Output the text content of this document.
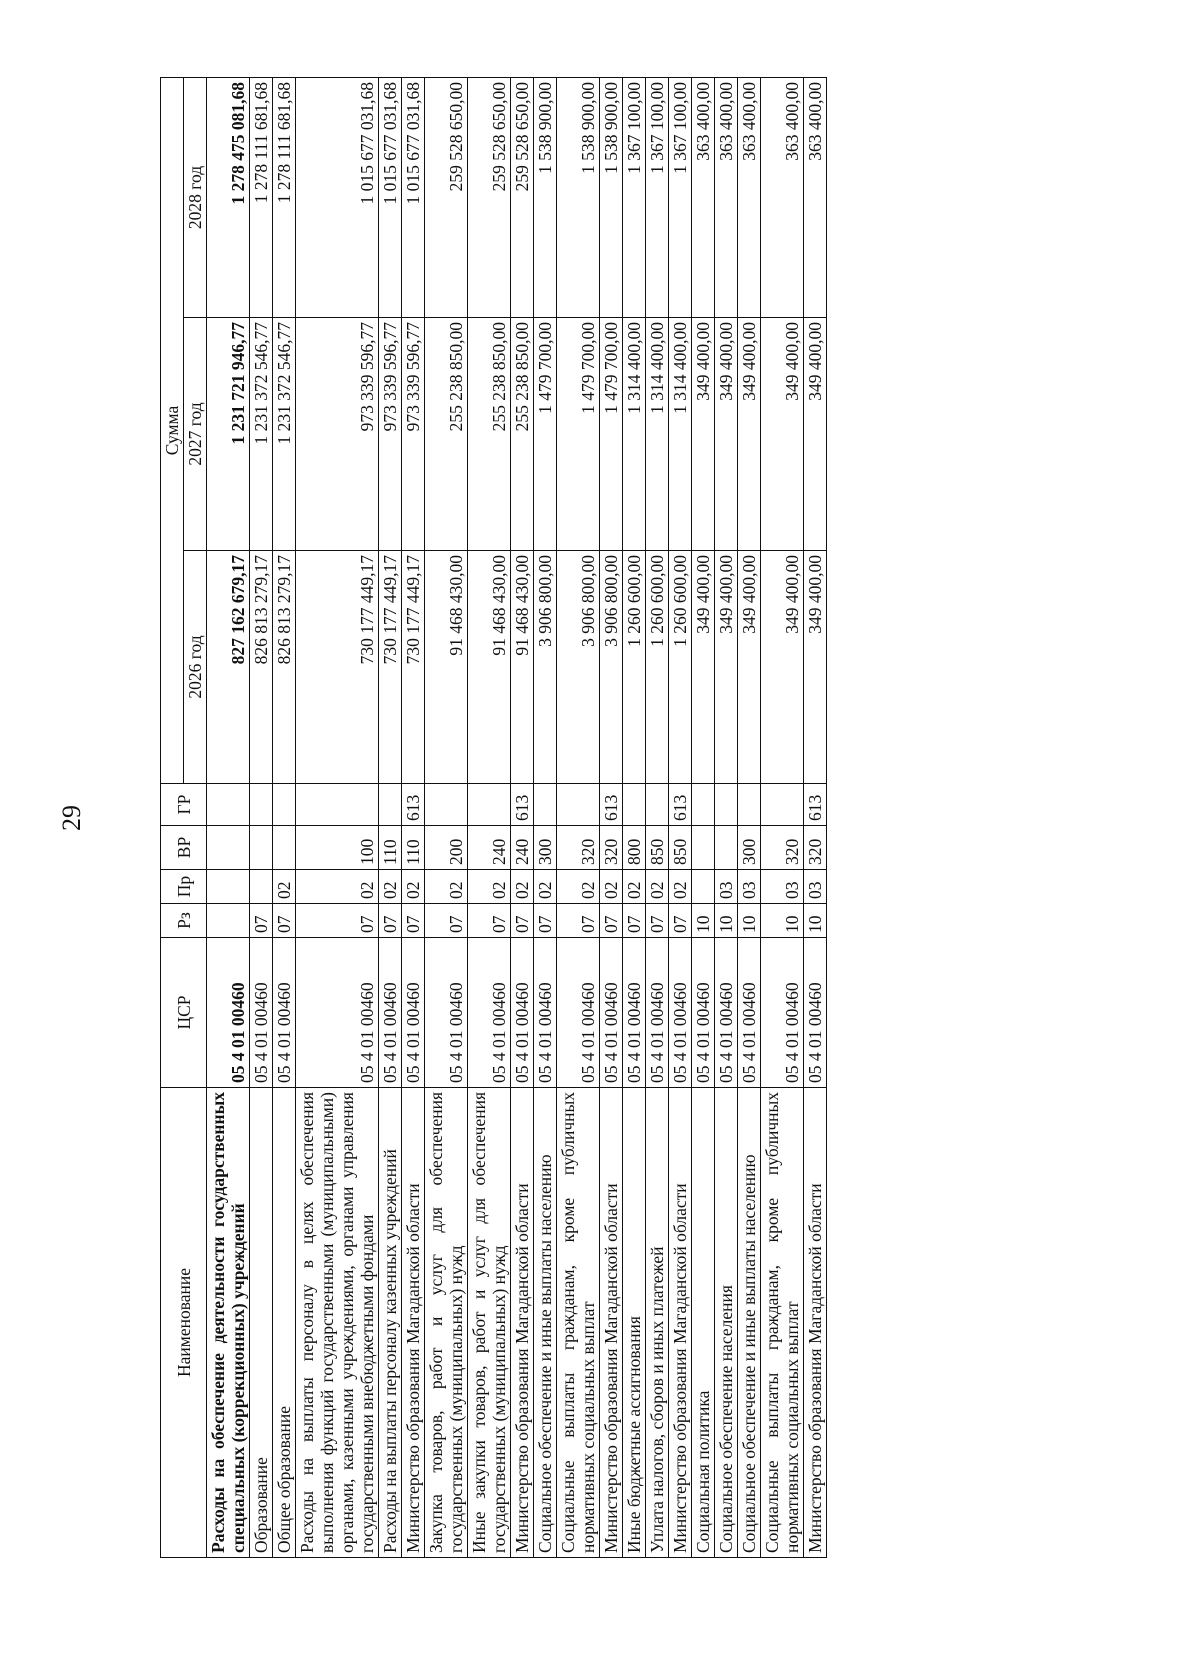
29
Наименование	ЦСР	Рз	Пр	ВР	ГР	Сумма		
						2026 год	2027 год	2028 год
Расходы на обеспечение деятельности государственных специальных (коррекционных) учреждений	05 4 01 00460					827 162 679,17	1 231 721 946,77	1 278 475 081,68
Образование	05 4 01 00460	07				826 813 279,17	1 231 372 546,77	1 278 111 681,68
Общее образование	05 4 01 00460	07	02			826 813 279,17	1 231 372 546,77	1 278 111 681,68
Расходы на выплаты персоналу в целях обеспечения выполнения функций государственными (муниципальными) органами, казенными учреждениями, органами управления государственными внебюджетными фондами	05 4 01 00460	07	02	100		730 177 449,17	973 339 596,77	1 015 677 031,68
Расходы на выплаты персоналу казенных учреждений	05 4 01 00460	07	02	110		730 177 449,17	973 339 596,77	1 015 677 031,68
Министерство образования Магаданской области	05 4 01 00460	07	02	110	613	730 177 449,17	973 339 596,77	1 015 677 031,68
Закупка товаров, работ и услуг для обеспечения государственных (муниципальных) нужд	05 4 01 00460	07	02	200		91 468 430,00	255 238 850,00	259 528 650,00
Иные закупки товаров, работ и услуг для обеспечения государственных (муниципальных) нужд	05 4 01 00460	07	02	240		91 468 430,00	255 238 850,00	259 528 650,00
Министерство образования Магаданской области	05 4 01 00460	07	02	240	613	91 468 430,00	255 238 850,00	259 528 650,00
Социальное обеспечение и иные выплаты населению	05 4 01 00460	07	02	300		3 906 800,00	1 479 700,00	1 538 900,00
Социальные выплаты гражданам, кроме публичных нормативных социальных выплат	05 4 01 00460	07	02	320		3 906 800,00	1 479 700,00	1 538 900,00
Министерство образования Магаданской области	05 4 01 00460	07	02	320	613	3 906 800,00	1 479 700,00	1 538 900,00
Иные бюджетные ассигнования	05 4 01 00460	07	02	800		1 260 600,00	1 314 400,00	1 367 100,00
Уплата налогов, сборов и иных платежей	05 4 01 00460	07	02	850		1 260 600,00	1 314 400,00	1 367 100,00
Министерство образования Магаданской области	05 4 01 00460	07	02	850	613	1 260 600,00	1 314 400,00	1 367 100,00
Социальная политика	05 4 01 00460	10				349 400,00	349 400,00	363 400,00
Социальное обеспечение населения	05 4 01 00460	10	03			349 400,00	349 400,00	363 400,00
Социальное обеспечение и иные выплаты населению	05 4 01 00460	10	03	300		349 400,00	349 400,00	363 400,00
Социальные выплаты гражданам, кроме публичных нормативных социальных выплат	05 4 01 00460	10	03	320		349 400,00	349 400,00	363 400,00
Министерство образования Магаданской области	05 4 01 00460	10	03	320	613	349 400,00	349 400,00	363 400,00
